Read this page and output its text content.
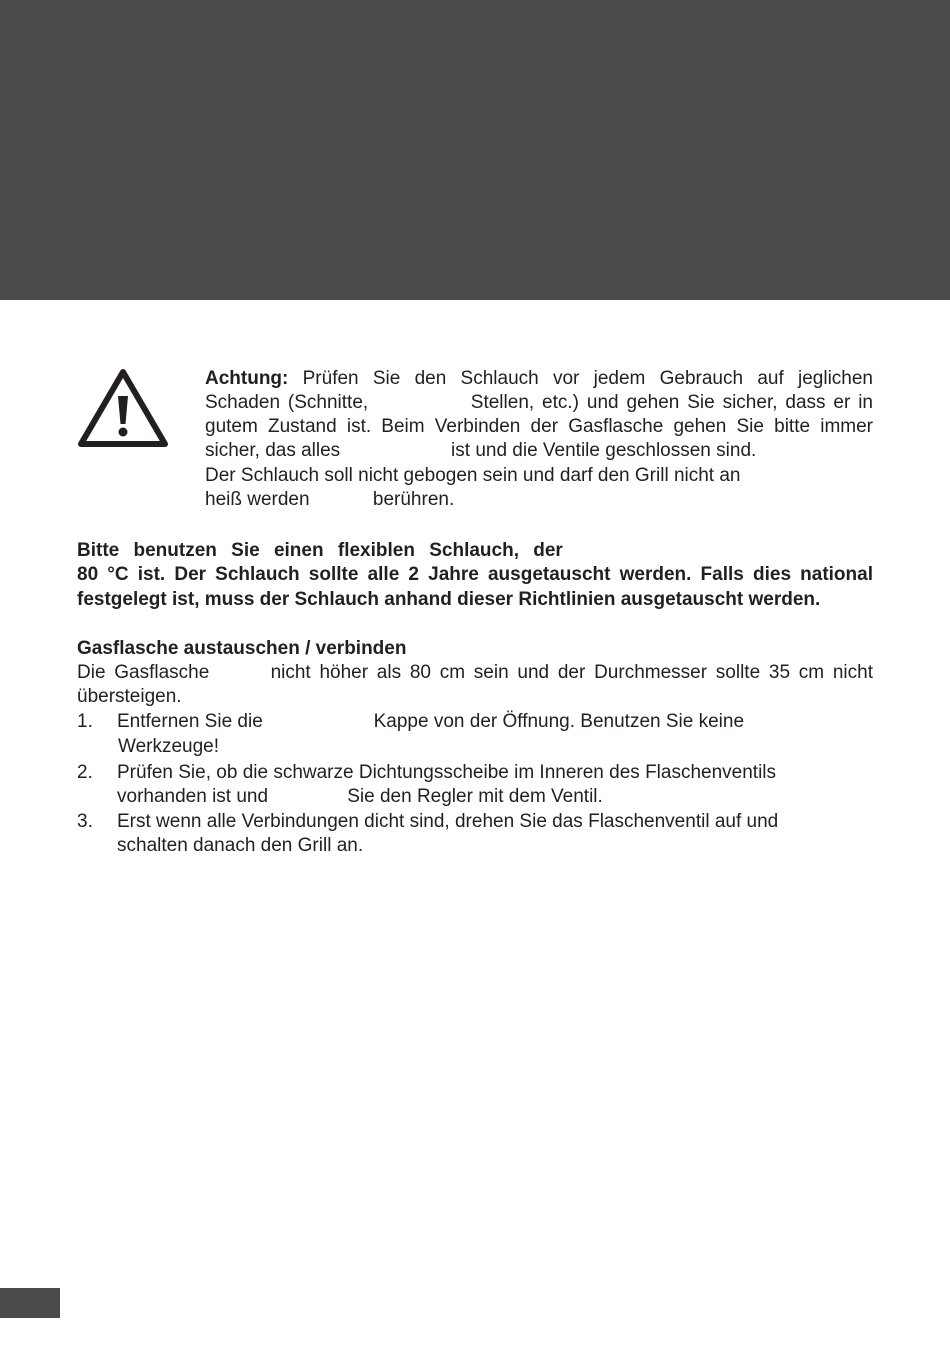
Achtung: Prüfen Sie den Schlauch vor jedem Gebrauch auf jeglichen
Schaden (Schnitte,             Stellen, etc.) und gehen Sie sicher, dass er in
gutem Zustand ist. Beim Verbinden der Gasflasche gehen Sie bitte immer
sicher, das alles                     ist und die Ventile geschlossen sind.
Der Schlauch soll nicht gebogen sein und darf den Grill nicht an
heiß werden            berühren.
Bitte benutzen Sie einen flexiblen Schlauch, der
80 °C ist. Der Schlauch sollte alle 2 Jahre ausgetauscht werden. Falls dies national
festgelegt ist, muss der Schlauch anhand dieser Richtlinien ausgetauscht werden.
Gasflasche austauschen / verbinden
Die Gasflasche       nicht höher als 80 cm sein und der Durchmesser sollte 35 cm nicht
übersteigen.
1. Entfernen Sie die                     Kappe von der Öffnung. Benutzen Sie keine
Werkzeuge!
2. Prüfen Sie, ob die schwarze Dichtungsscheibe im Inneren des Flaschenventils
vorhanden ist und               Sie den Regler mit dem Ventil.
3. Erst wenn alle Verbindungen dicht sind, drehen Sie das Flaschenventil auf und
schalten danach den Grill an.
